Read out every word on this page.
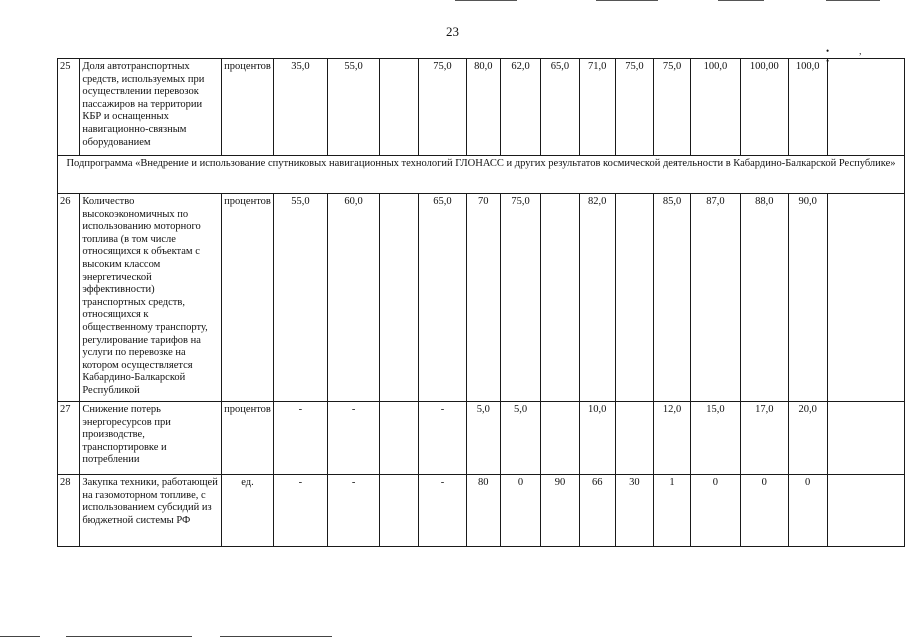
23
•, •
25	Доля автотранспортных средств, используемых при осуществлении перевозок пассажиров на территории КБР и оснащенных навигационно-связным оборудованием	процентов	35,0	55,0		75,0	80,0	62,0	65,0	71,0	75,0	75,0	100,0	100,00	100,0	
Подпрограмма «Внедрение и использование спутниковых навигационных технологий ГЛОНАСС и других результатов космической деятельности в Кабардино-Балкарской Республике»																
26	Количество высокоэкономичных по использованию моторного топлива (в том числе относящихся к объектам с высоким классом энергетической эффективности) транспортных средств, относящихся к общественному транспорту, регулирование тарифов на услуги по перевозке на котором осуществляется Кабардино-Балкарской Республикой	процентов	55,0	60,0		65,0	70	75,0		82,0		85,0	87,0	88,0	90,0	
27	Снижение потерь энергоресурсов при производстве, транспортировке и потреблении	процентов	-	-		-	5,0	5,0		10,0		12,0	15,0	17,0	20,0	
28	Закупка техники, работающей на газомоторном топливе, с использованием субсидий из бюджетной системы РФ	ед.	-	-		-	80	0	90	66	30	1	0	0	0	
